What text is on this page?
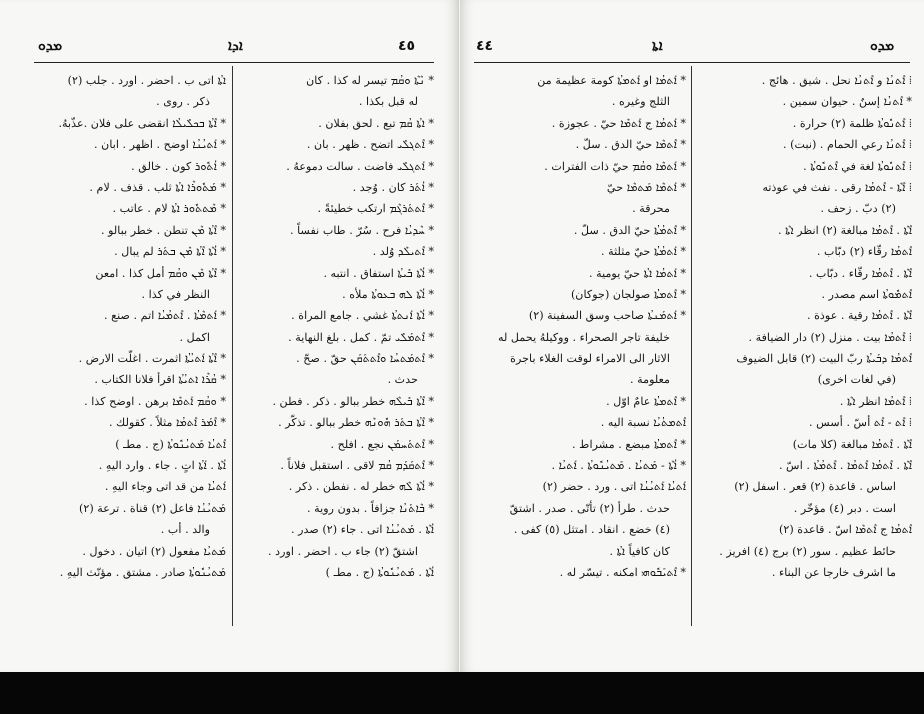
ܡܕܘ	ܐܕܐ	٤٥
ܐܬܳܐ اتى ب . احضر . اورد . جلب (٢)
ذكر . روى .
* ܐܶܬܳܐ ܒܟܠܺܝܠܳܐ انقضى على فلان .عذّبهُ.
* ܐܰܬܝܳܢܳܐ اوضح . اظهر . ابان .
* ܐܳܬܽܘܪ كون . خالق .
* ܡܰܬܽܘܪܶܐ ܐܬܳܐ ثلب . قذف . لام .
* ܡܶܬܬܽܘܪ ܐܬܳܐ لام . عاتب .
* ܐܶܬܳܐ ܡܶܢ تنطن . خطر ببالو .
* ܐܳܬܶܐ ܐܶܬܳܐ ܡܶܢ ܒܬܰܪ لم يبال .
* ܐܶܬܳܐ ܡܶܢ ܘܩܳܡ أمل كذا . امعن
النظر في كذا .
* ܐܰܬܡܶܬܳܐ . ܐܶܬܡܳܝܳܐ اتم . صنع .
اكمل .
* ܐܶܬܳܐ ܐܰܬܝܳܬܳܐ اثمرت . اغلّت الارض .
* ܩܳܪܶܐ ܐܬܝܳܬܳܐ اقرأ فلانا الكتاب .
* ܘܩܳܡ ܐܰܬܡܶܐ برهن . اوضح كذا .
* ܐܶܡܰܪ ܐܶܬܡܳܐ مثلاً . كقولك .
ܐܶܬܝܳܐ ܡܰܬܝܳܢܽܘܬܳܐ (ج . مطـ )
ܐܳܬܶܐ . ܐܰܬܳܐ اتٍ . جاء . وارد اليهِ .
ܐܰܬܝܳܐ من قد اتى وجاء اليهِ .
ܡܰܬܝܳܢܳܐ فاعل (٢) قناة . ترعة (٢)
والد . أب .
ܡܰܬܝܳܐ مفعول (٢) اتيان . دخول .
ܡܰܬܝܳܢܽܘܬܳܐ صادر . مشتق . مؤنّث اليهِ .
* ܢܶܬܶܐ ܘܩܳܡ تيسر له كذا . كان
له قبل بكذا .
* ܐܬܳܐ ܩܳܡ تبع . لحق بفلان .
* ܐܶܬܓܠܺܝ اتضح . ظهر . بان .
* ܐܰܬܓܠܺܝ فاضت . سالت دموعهُ .
* ܐܳܬܰܪ كان . وُجد .
* ܐܶܬܬܰܪܓܶܡ ارتكب خطيئةً .
* ܚܶܕܝܳܐ فرح . سُرّ . طاب نفساً .
* ܐܶܬܝܠܶܕ وُلد .
* ܐܳܬܶܐ ܒܺܝܬܳܐ استفاق . انتبه .
* ܐܳܬܶܐ ܠܗ ܒܥܘܬܳܐ ملأه .
* ܐܳܬܶܐ ܐܰܢܬܬܳܐ غشي . جامع المراة .
* ܐܶܬܡܰܠܺܝ تمّ . كمل . بلغ النهاية .
* ܐܶܬܡܰܬܚܳܐ ܘܐܶܬܬܰܩܰܢ حقّ . صحّ .
حدث .
* ܐܶܬܳܐ ܒܺܝܠܶܗ خطر ببالو . ذكر . فطن .
* ܐܶܬܳܐ ܒܬܰܪ ܗܽܘܢܶܗ خطر ببالو . تذكّر .
* ܐܶܬܬܰܚܡܰܢ نجع . افلح .
* ܐܶܬܩܰܕܰܡ ܩܳܡ لاقى . استقبل فلاناً .
* ܐܳܬܶܐ ܠܶܗ خطر له . نفطن . ذكر .
* ܒܶܐܬܰܢܳܐ جزافاً . بدون روية .
ܐܳܬܶܐ . ܡܰܬܝܳܢܳܐ اتى . جاء (٢) صدر .
اشتقّ (٢) جاء ب . احضر . اورد .
ܐܳܬܶܐ . ܡܰܬܝܳܢܽܘܬܳܐ (ج . مطـ )
٤٤	ܐܬܐ	ܡܕܘ
* ܐܰܬܡܳܐ او ܐܰܬܡܬܳܐ كومة عظيمة من
الثلج وغيره .
* ܐܰܬܡܳܐ ج ܐܰܬܡܶܐ حيّ . عجوزة .
* ܐܶܬܡܶܐ حيّ الدق . سلّ .
* ܐܰܬܡܶܐ ܘܩܳܡ حيّ ذات الفترات .
* ܐܰܬܡܶܐ ܡܰܬܡܶܐ حيّ
محرقة .
* ܐܶܬܡܳܬܳܐ حيّ الدق . سلّ .
* ܐܰܬܡܳܬܳܐ حيّ مثلثة .
* ܐܰܬܡܳܐ ܐܬܳܐ حيّ يومية .
* ܐܶܬܡܬܳܐ صولجان (جوكان)
* ܐܰܬܡܰܢܬܳܐ صاحب وسق السفينة (٢)
خليفة تاجر الصحراء . ووكيلهُ يحمل له
الاثار الى الامراء لوقت الغلاء باجرة
معلومة .
* ܐܶܬܡܬܳܐ عامٌ اوّل .
ܐܶܬܡܬܳܝܳܐ نسبة اليه .
* ܐܶܬܡܬܳܐ مبضع . مشراط .
* ܐܳܬܶܐ - ܡܰܬܝܳܐ . ܡܰܬܝܳܢܽܘܬܳܐ . ܐܰܬܝܳܐ .
ܐܰܬܝܳܐ ܐܰܬܝܳܢܳܐ اتى . ورد . حضر (٢)
حدث . طرأ (٢) تأتّى . صدر . اشتقّ
(٤) خضع . انقاد . امتثل (٥) كفى .
كان كافياً ܐܬܳܐ .
* ܐܶܬܝܰܒܽܘܗܝ امكنه . تيسّر له .
⁞ ܐܶܬܢܳܐ و ܐܶܬܢܳܐ نحل . شيق . هائج .
* ܐܶܬܢܳܐ إسنٌ . حيوان سمين .
⁞ ܐܶܬܢܽܘܬܳܐ ظلمة (٢) حرارة .
⁞ ܐܶܬܢܳܐ رعي الحمام . (نبت) .
⁞ ܐܶܬܢܽܘܬܳܐ لغة في ܐܶܬܢܽܘܬܳܐ .
⁞ ܐܶܬܶܐ - ܐܶܬܡܳܐ رقى . نفث في عوذته
(٢) دبّ . زحف .
ܐܶܬܶܐ . ܐܶܬܡܳܐ مبالغة (٢) انظر ܐܬܶܐ .
ܐܶܬܡܳܐ رقّاء (٢) دبّاب .
ܐܶܬܶܐ . ܐܶܬܡܳܐ رقّاء . دبّاب .
ܐܶܬܡܽܘܬܳܐ اسم مصدر .
ܐܶܬܶܐ . ܐܶܬܡܳܐ رقية . عوذة .
⁞ ܐܶܬܡܳܐ بيت . منزل (٢) دار الضيافة .
ܐܶܬܡܳܐ ܕܒܰܝܬܳܐ ربّ البيت (٢) قابل الضيوف
(في لغات اخرى)
⁞ ܐܶܬܡܳܐ انظر ܐܬܶܐ .
⁞ ܐܶܬ - ܐܶܬ أسّ . أسس .
ܐܶܬܶܐ . ܐܶܬܡܳܐ مبالغة (كلا مات)
ܐܶܬܶܐ . ܐܶܬܡܳܐ ܐܶܬܡܳܐ . ܐܶܬܡܳܬܳܐ . اسّ .
اساس . قاعدة (٢) قعر . اسفل (٢)
است . دبر (٤) مؤخّر .
ܐܶܬܡܳܐ ج ܐܶܬܡܶܐ اسّ . قاعدة (٢)
حائط عظيم . سور (٢) برج (٤) افريز .
ما اشرف خارجا عن البناء .
